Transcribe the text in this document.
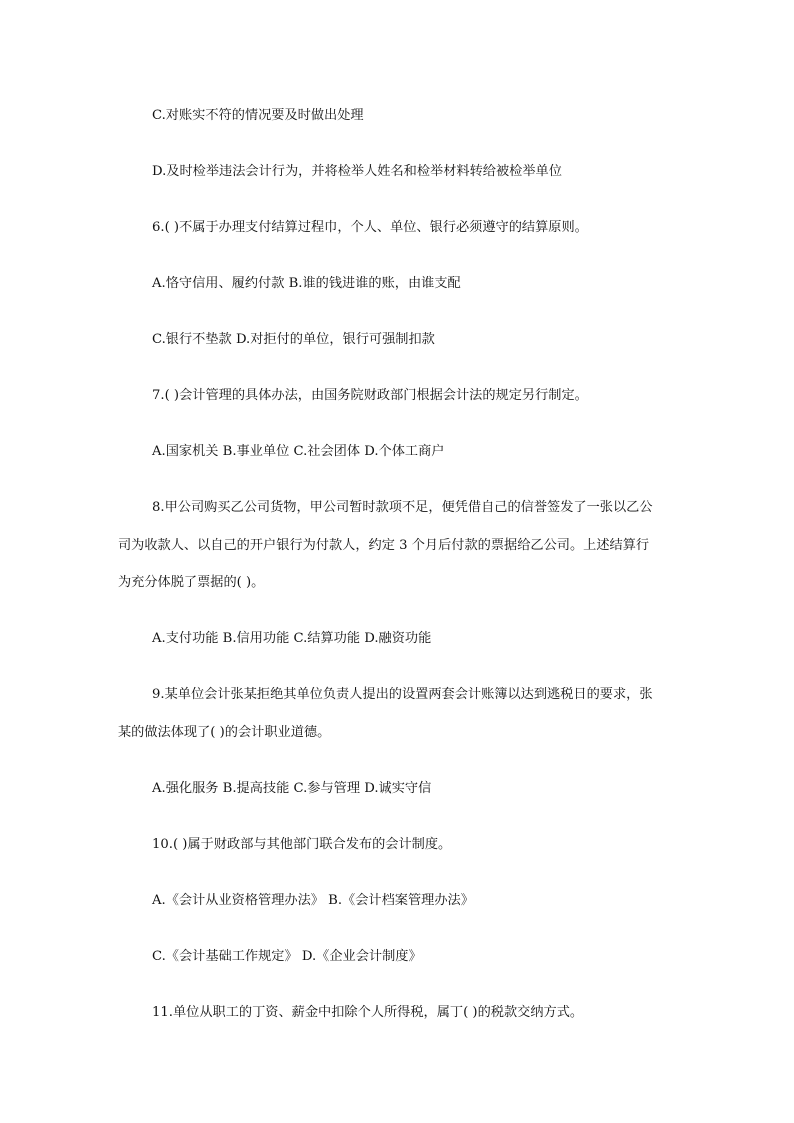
C.对账实不符的情况要及时做出处理
D.及时检举违法会计行为，并将检举人姓名和检举材料转给被检举单位
6.( )不属于办理支付结算过程巾，个人、单位、银行必须遵守的结算原则。
A.恪守信用、履约付款 B.谁的钱进谁的账，由谁支配
C.银行不垫款 D.对拒付的单位，银行可强制扣款
7.( )会计管理的具体办法，由国务院财政部门根据会计法的规定另行制定。
A.国家机关 B.事业单位 C.社会团体 D.个体工商户
8.甲公司购买乙公司货物，甲公司暂时款项不足，便凭借自己的信誉签发了一张以乙公
司为收款人、以自己的开户银行为付款人，约定 3 个月后付款的票据给乙公司。上述结算行
为充分体脱了票据的( )。
A.支付功能 B.信用功能 C.结算功能 D.融资功能
9.某单位会计张某拒绝其单位负责人提出的设置两套会计账簿以达到逃税日的要求，张
某的做法体现了( )的会计职业道德。
A.强化服务 B.提高技能 C.参与管理 D.诚实守信
10.( )属于财政部与其他部门联合发布的会计制度。
A.《会计从业资格管理办法》 B.《会计档案管理办法》
C.《会计基础工作规定》 D.《企业会计制度》
11.单位从职工的丁资、薪金中扣除个人所得税，属丁( )的税款交纳方式。
